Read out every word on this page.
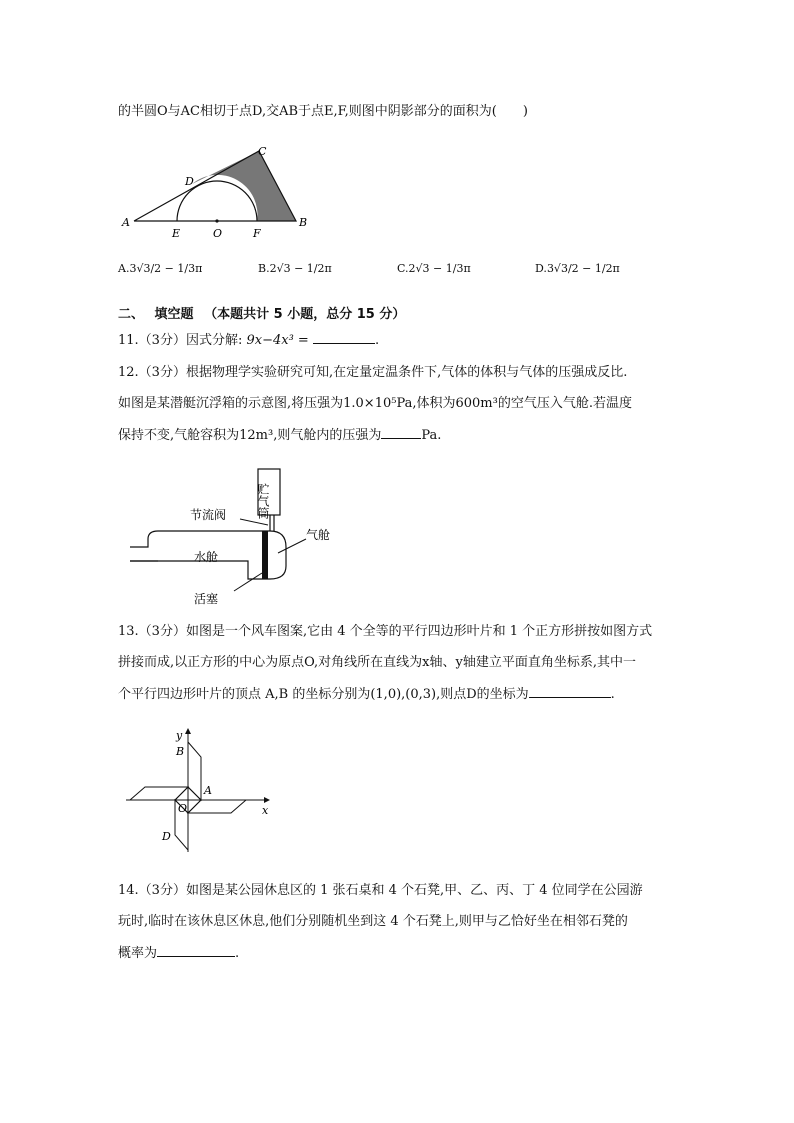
的半圆O与AC相切于点D,交AB于点E,F,则图中阴影部分的面积为(　　)
A	B
C
D
E	O	F
A.3√3/2 − 1/3π	B.2√3 − 1/2π	C.2√3 − 1/3π	D.3√3/2 − 1/2π
二、 填空题 （本题共计 5 小题，总分 15 分）
11.（3分）因式分解: 9x−4x³ =	.
12.（3分）根据物理学实验研究可知,在定量定温条件下,气体的体积与气体的压强成反比.
如图是某潜艇沉浮箱的示意图,将压强为1.0×10⁵Pa,体积为600m³的空气压入气舱.若温度
保持不变,气舱容积为12m³,则气舱内的压强为	Pa.
贮气筒
节流阀
气舱
水舱
活塞
13.（3分）如图是一个风车图案,它由 4 个全等的平行四边形叶片和 1 个正方形拼按如图方式
拼接而成,以正方形的中心为原点O,对角线所在直线为x轴、y轴建立平面直角坐标系,其中一
个平行四边形叶片的顶点 A,B 的坐标分别为(1,0),(0,3),则点D的坐标为	.
y
B
A
O	x
D
14.（3分）如图是某公园休息区的 1 张石桌和 4 个石凳,甲、乙、丙、丁 4 位同学在公园游
玩时,临时在该休息区休息,他们分别随机坐到这 4 个石凳上,则甲与乙恰好坐在相邻石凳的
概率为	.
